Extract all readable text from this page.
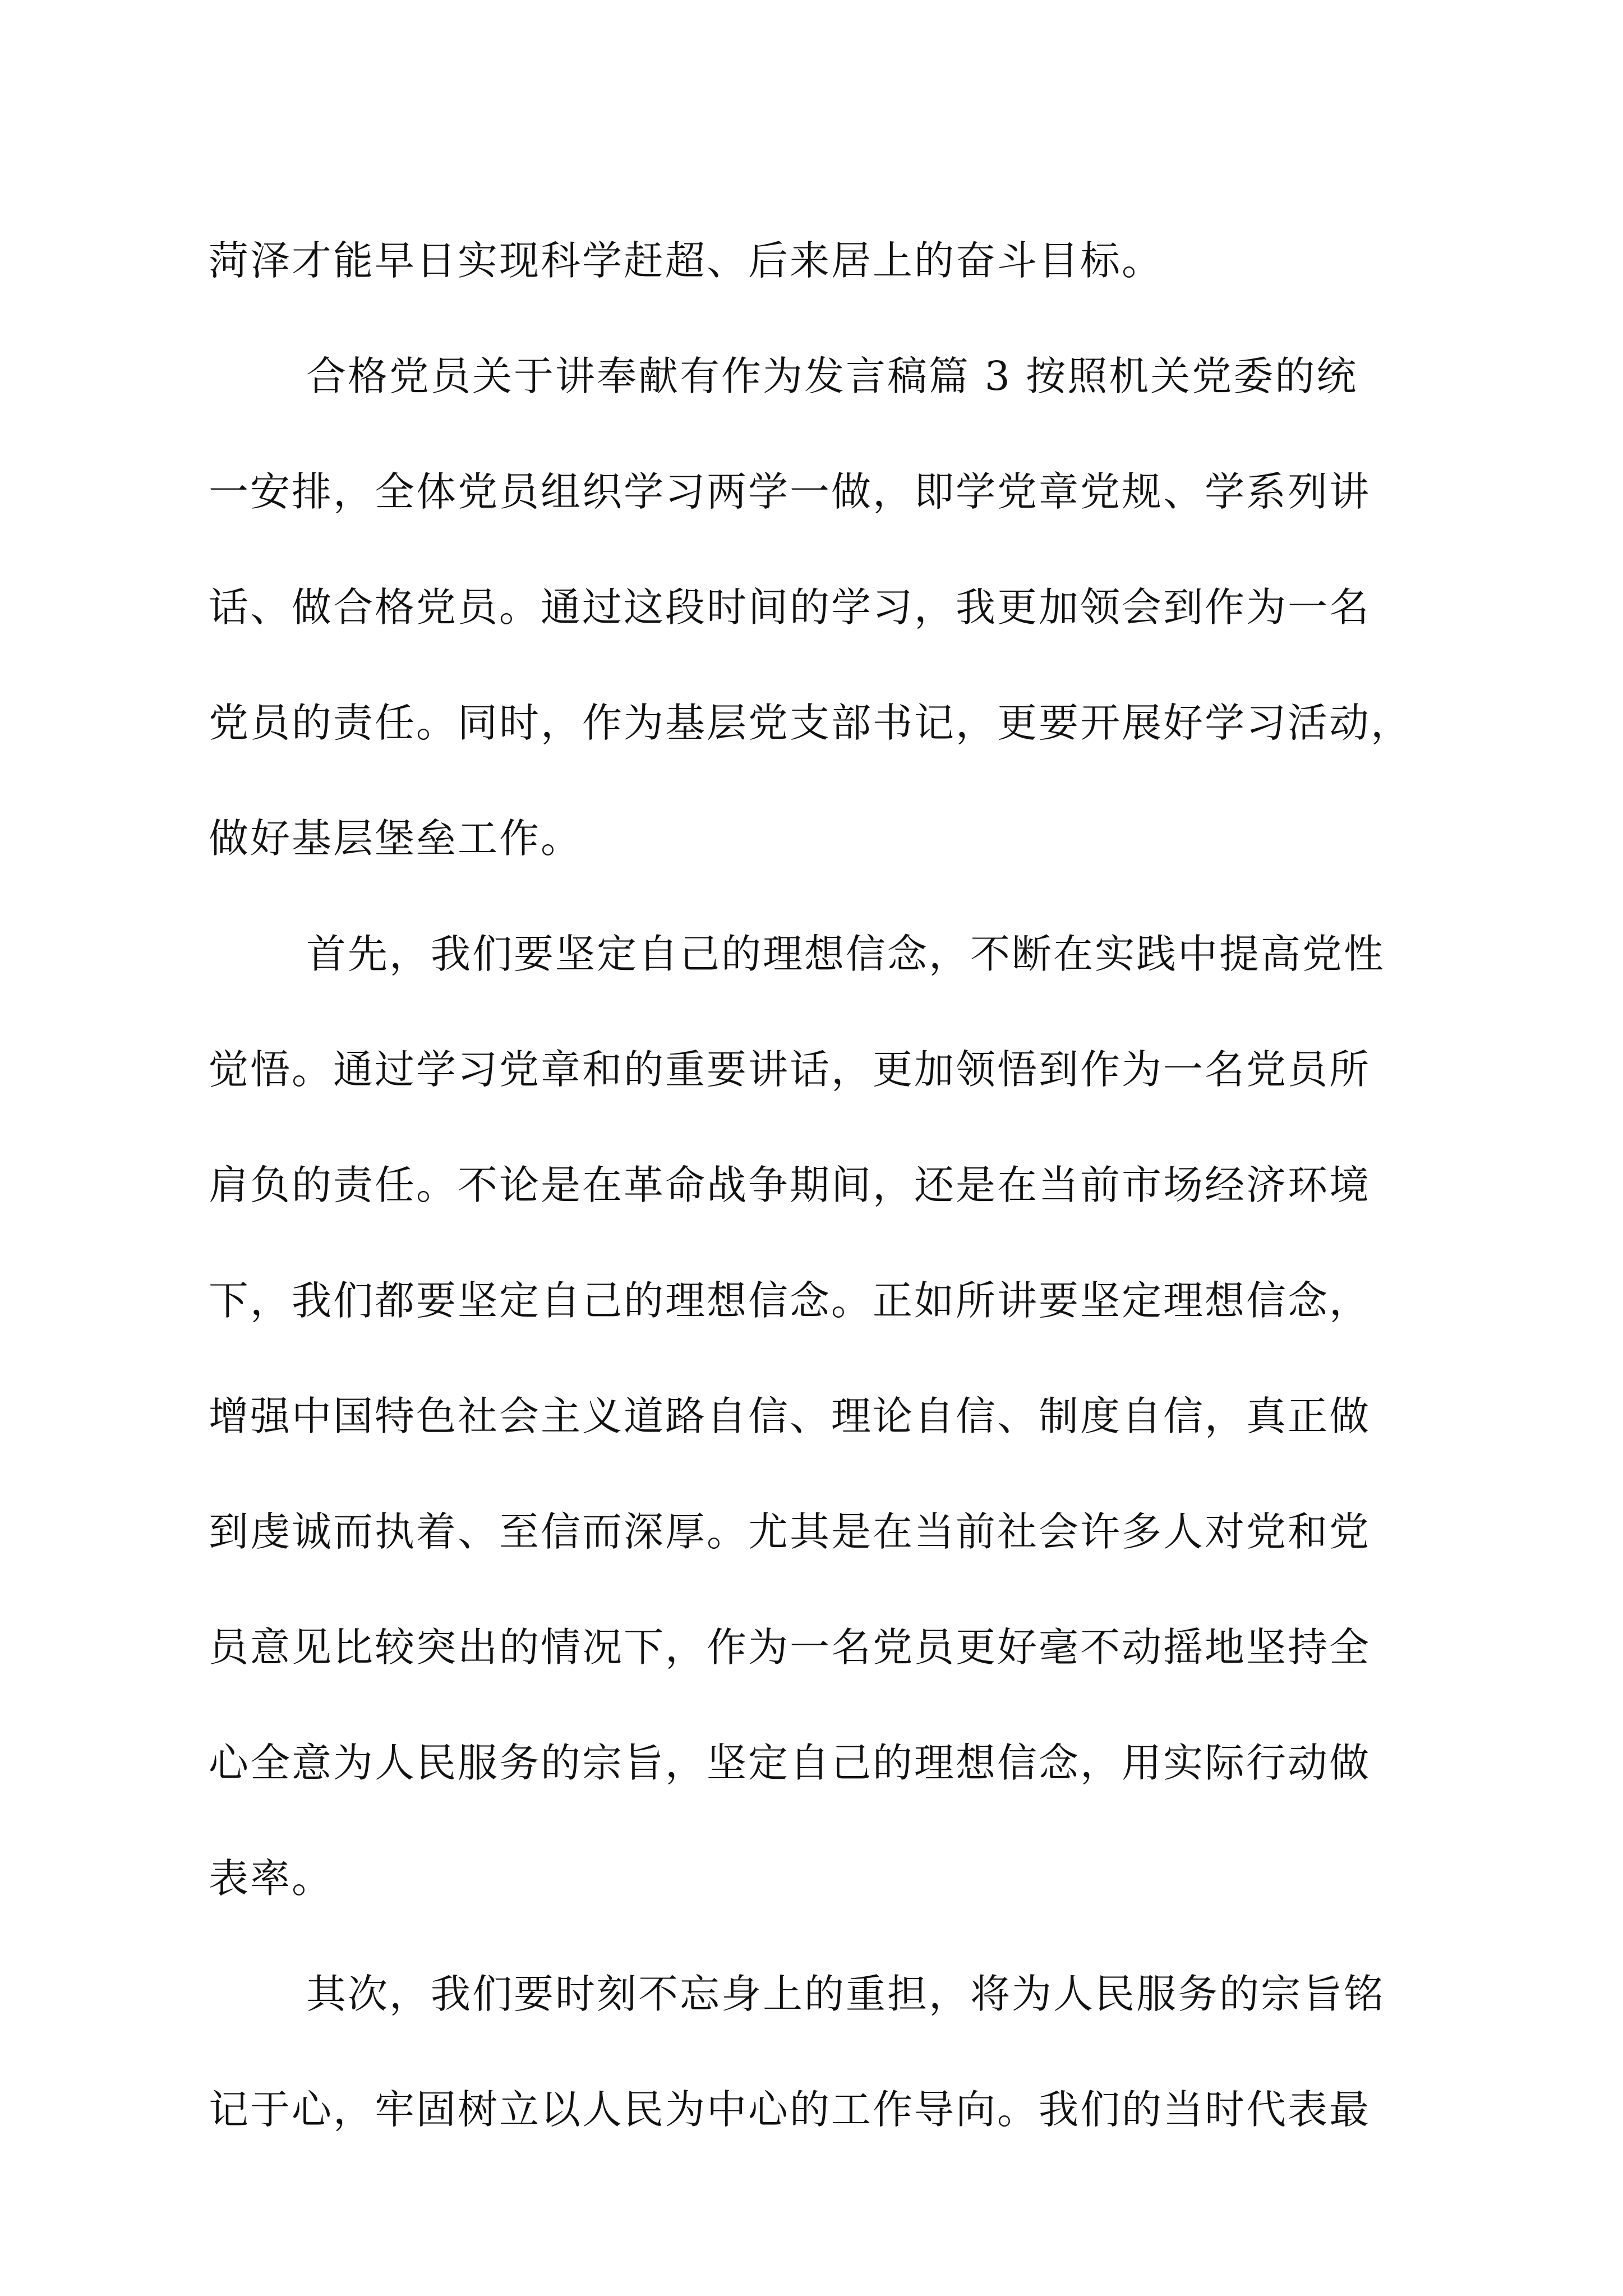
菏泽才能早日实现科学赶超、后来居上的奋斗目标。
合格党员关于讲奉献有作为发言稿篇 3 按照机关党委的统
一安排，全体党员组织学习两学一做，即学党章党规、学系列讲
话、做合格党员。通过这段时间的学习，我更加领会到作为一名
党员的责任。同时，作为基层党支部书记，更要开展好学习活动，
做好基层堡垒工作。
首先，我们要坚定自己的理想信念，不断在实践中提高党性
觉悟。通过学习党章和的重要讲话，更加领悟到作为一名党员所
肩负的责任。不论是在革命战争期间，还是在当前市场经济环境
下，我们都要坚定自己的理想信念。正如所讲要坚定理想信念，
增强中国特色社会主义道路自信、理论自信、制度自信，真正做
到虔诚而执着、至信而深厚。尤其是在当前社会许多人对党和党
员意见比较突出的情况下，作为一名党员更好毫不动摇地坚持全
心全意为人民服务的宗旨，坚定自己的理想信念，用实际行动做
表率。
其次，我们要时刻不忘身上的重担，将为人民服务的宗旨铭
记于心，牢固树立以人民为中心的工作导向。我们的当时代表最
